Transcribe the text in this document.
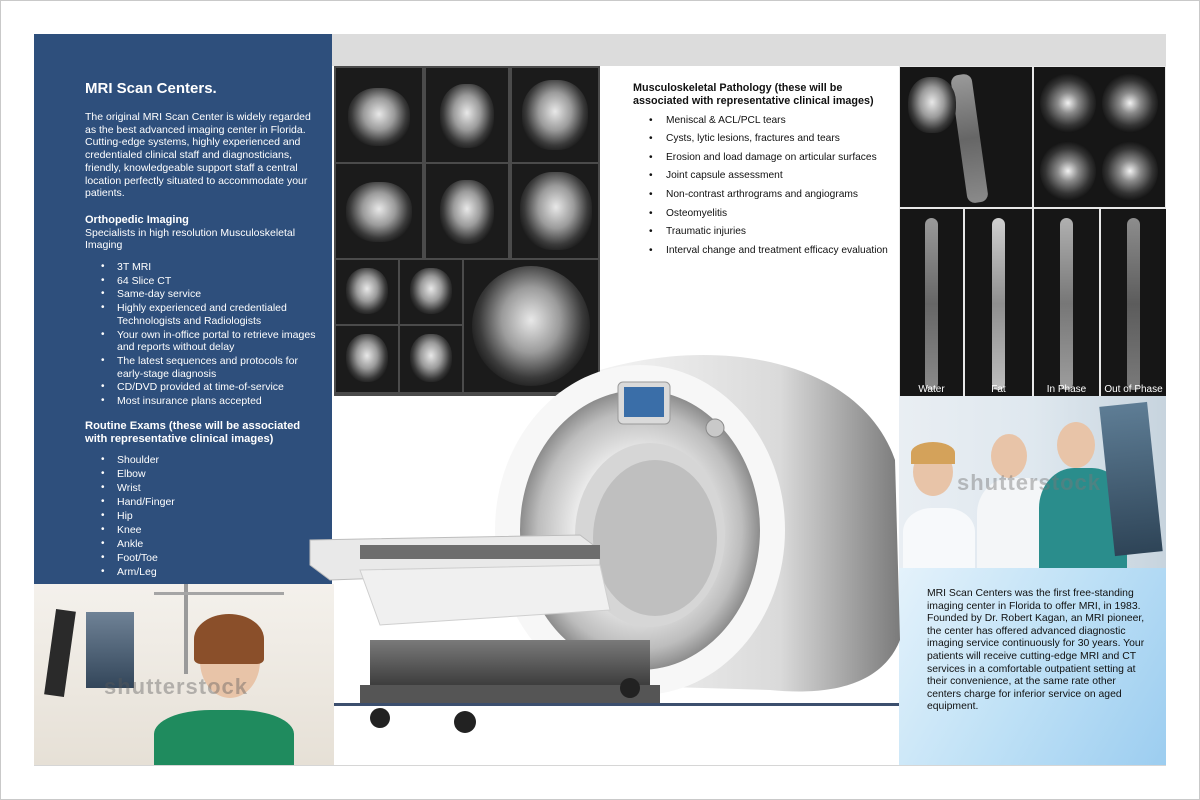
MRI Scan Centers.

The original MRI Scan Center is widely regarded as the best advanced imaging center in Florida. Cutting-edge systems, highly experienced and credentialed clinical staff and diagnosticians, friendly, knowledgeable support staff a central location perfectly situated to accommodate your patients.

Orthopedic Imaging

Specialists in high resolution Musculoskeletal Imaging

• 3T MRI
• 64 Slice CT
• Same-day service
• Highly experienced and credentialed Technologists and Radiologists
• Your own in-office portal to retrieve images and reports without delay
• The latest sequences and protocols for early-stage diagnosis
• CD/DVD provided at time-of-service
• Most insurance plans accepted

Routine Exams (these will be associated with representative clinical images)

• Shoulder
• Elbow
• Wrist
• Hand/Finger
• Hip
• Knee
• Ankle
• Foot/Toe
• Arm/Leg

Musculoskeletal Pathology (these will be associated with representative clinical images)

• Meniscal & ACL/PCL tears
• Cysts, lytic lesions, fractures and tears
• Erosion and load damage on articular surfaces
• Joint capsule assessment
• Non-contrast arthrograms and angiograms
• Osteomyelitis
• Traumatic injuries
• Interval change and treatment efficacy evaluation
Water	Fat	In Phase	Out of Phase
shutterstock

MRI Scan Centers was the first free-standing imaging center in Florida to offer MRI, in 1983. Founded by Dr. Robert Kagan, an MRI pioneer, the center has offered advanced diagnostic imaging service continuously for 30 years. Your patients will receive cutting-edge MRI and CT services in a comfortable outpatient setting at their convenience, at the same rate other centers charge for inferior service on aged equipment.

shutterstock
